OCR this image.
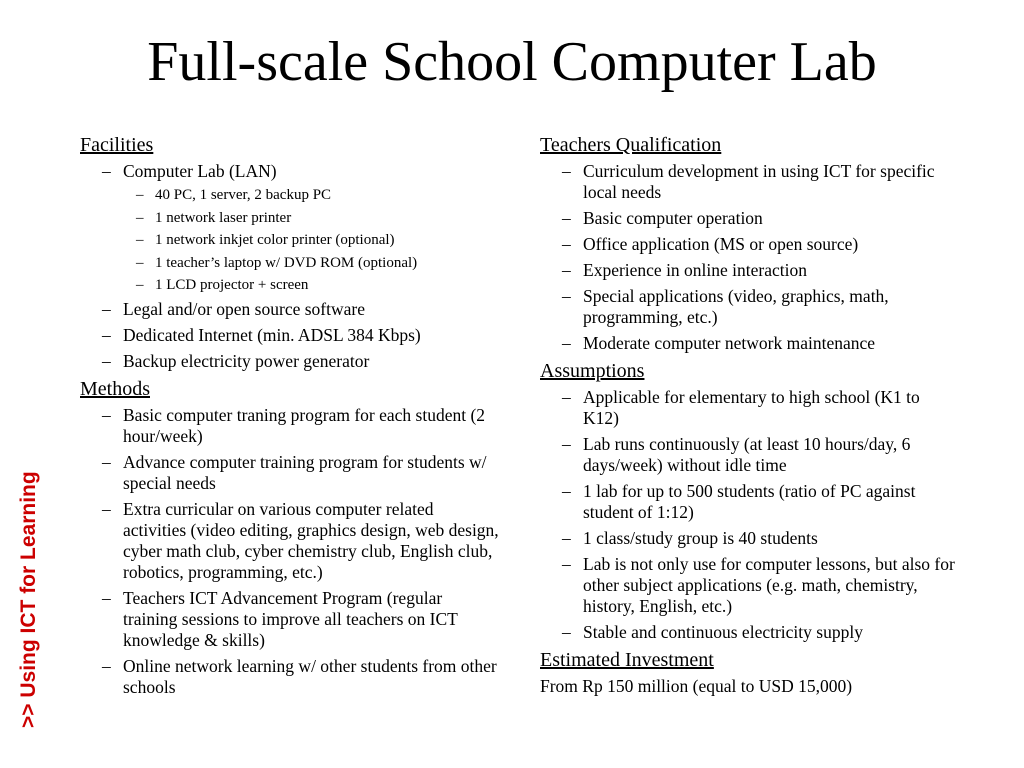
Full-scale School Computer Lab
>> Using ICT for Learning
Facilities
– Computer Lab (LAN)
– 40 PC, 1 server, 2 backup PC
– 1 network laser printer
– 1 network inkjet color printer (optional)
– 1 teacher’s laptop w/ DVD ROM (optional)
– 1 LCD projector + screen
– Legal and/or open source software
– Dedicated Internet (min. ADSL 384 Kbps)
– Backup electricity power generator
Methods
– Basic computer traning program for each student (2 hour/week)
– Advance computer training program for students w/ special needs
– Extra curricular on various computer related activities (video editing, graphics design, web design, cyber math club, cyber chemistry club, English club, robotics, programming, etc.)
– Teachers ICT Advancement Program (regular training sessions to improve all teachers on ICT knowledge & skills)
– Online network learning w/ other students from other schools
Teachers Qualification
– Curriculum development in using ICT for specific local needs
– Basic computer operation
– Office application (MS or open source)
– Experience in online interaction
– Special applications (video, graphics, math, programming, etc.)
– Moderate computer network maintenance
Assumptions
– Applicable for elementary to high school (K1 to K12)
– Lab runs continuously (at least 10 hours/day, 6 days/week) without idle time
– 1 lab for up to 500 students (ratio of PC against student of 1:12)
– 1 class/study group is 40 students
– Lab is not only use for computer lessons, but also for other subject applications (e.g. math, chemistry, history, English, etc.)
– Stable and continuous electricity supply
Estimated Investment

From Rp 150 million (equal to USD 15,000)
